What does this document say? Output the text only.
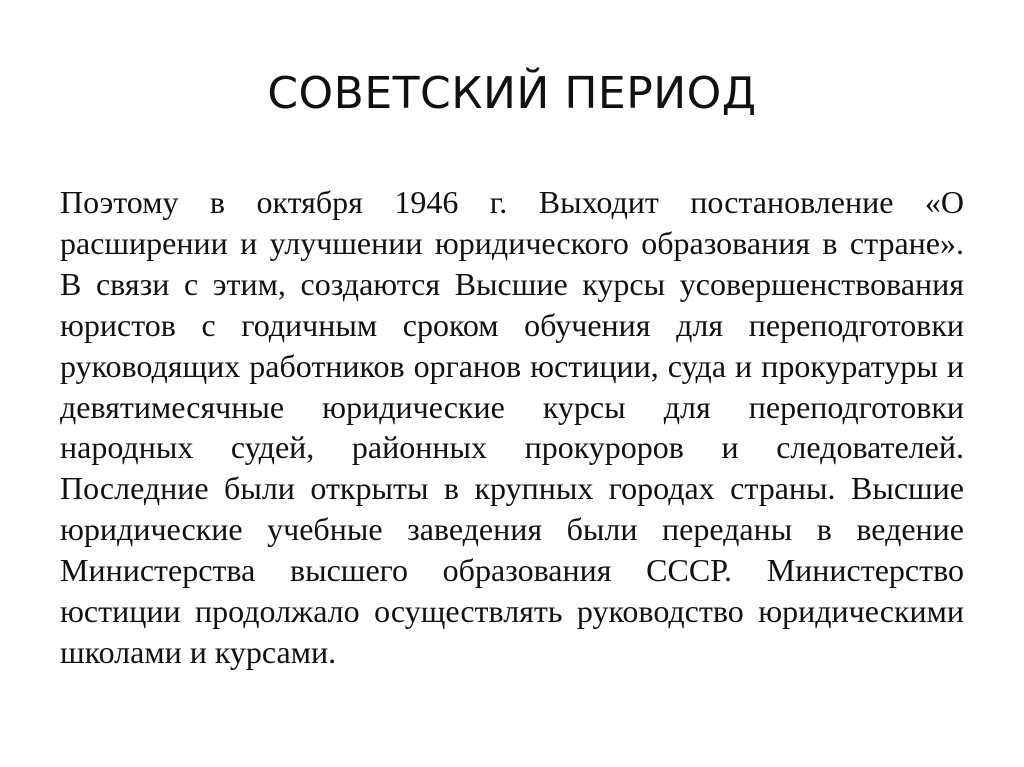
СОВЕТСКИЙ ПЕРИОД

Поэтому в октября 1946 г. Выходит постановление «О расширении и улучшении юридического образования в стране». В связи с этим, создаются Высшие курсы усовершенствования юристов с годичным сроком обучения для переподготовки руководящих работников органов юстиции, суда и прокуратуры и девятимесячные юридические курсы для переподготовки народных судей, районных прокуроров и следователей. Последние были открыты в крупных городах страны. Высшие юридические учебные заведения были переданы в ведение Министерства высшего образования СССР. Министерство юстиции продолжало осуществлять руководство юридическими школами и курсами.
